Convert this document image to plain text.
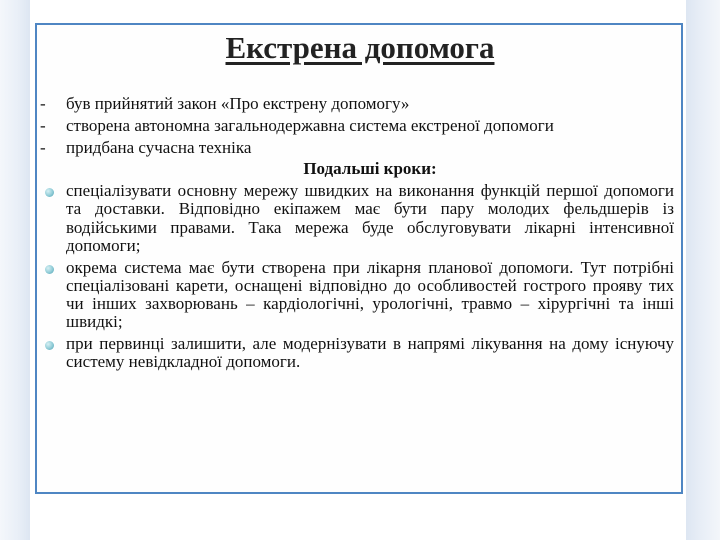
Екстрена допомога
- був прийнятий закон «Про екстрену допомогу»
- створена автономна загальнодержавна система екстреної допомоги
- придбана сучасна техніка
Подальші кроки:
спеціалізувати основну мережу швидких на виконання функцій першої допомоги та доставки. Відповідно екіпажем має бути пару молодих фельдшерів із водійськими правами. Така мережа буде обслуговувати лікарні інтенсивної допомоги;
окрема система має бути створена при лікарня планової допомоги. Тут потрібні спеціалізовані карети, оснащені відповідно до особливостей гострого прояву тих чи інших захворювань – кардіологічні, урологічні, травмо – хірургічні та інші швидкі;
при первинці залишити, але модернізувати в напрямі лікування на дому існуючу систему невідкладної допомоги.
